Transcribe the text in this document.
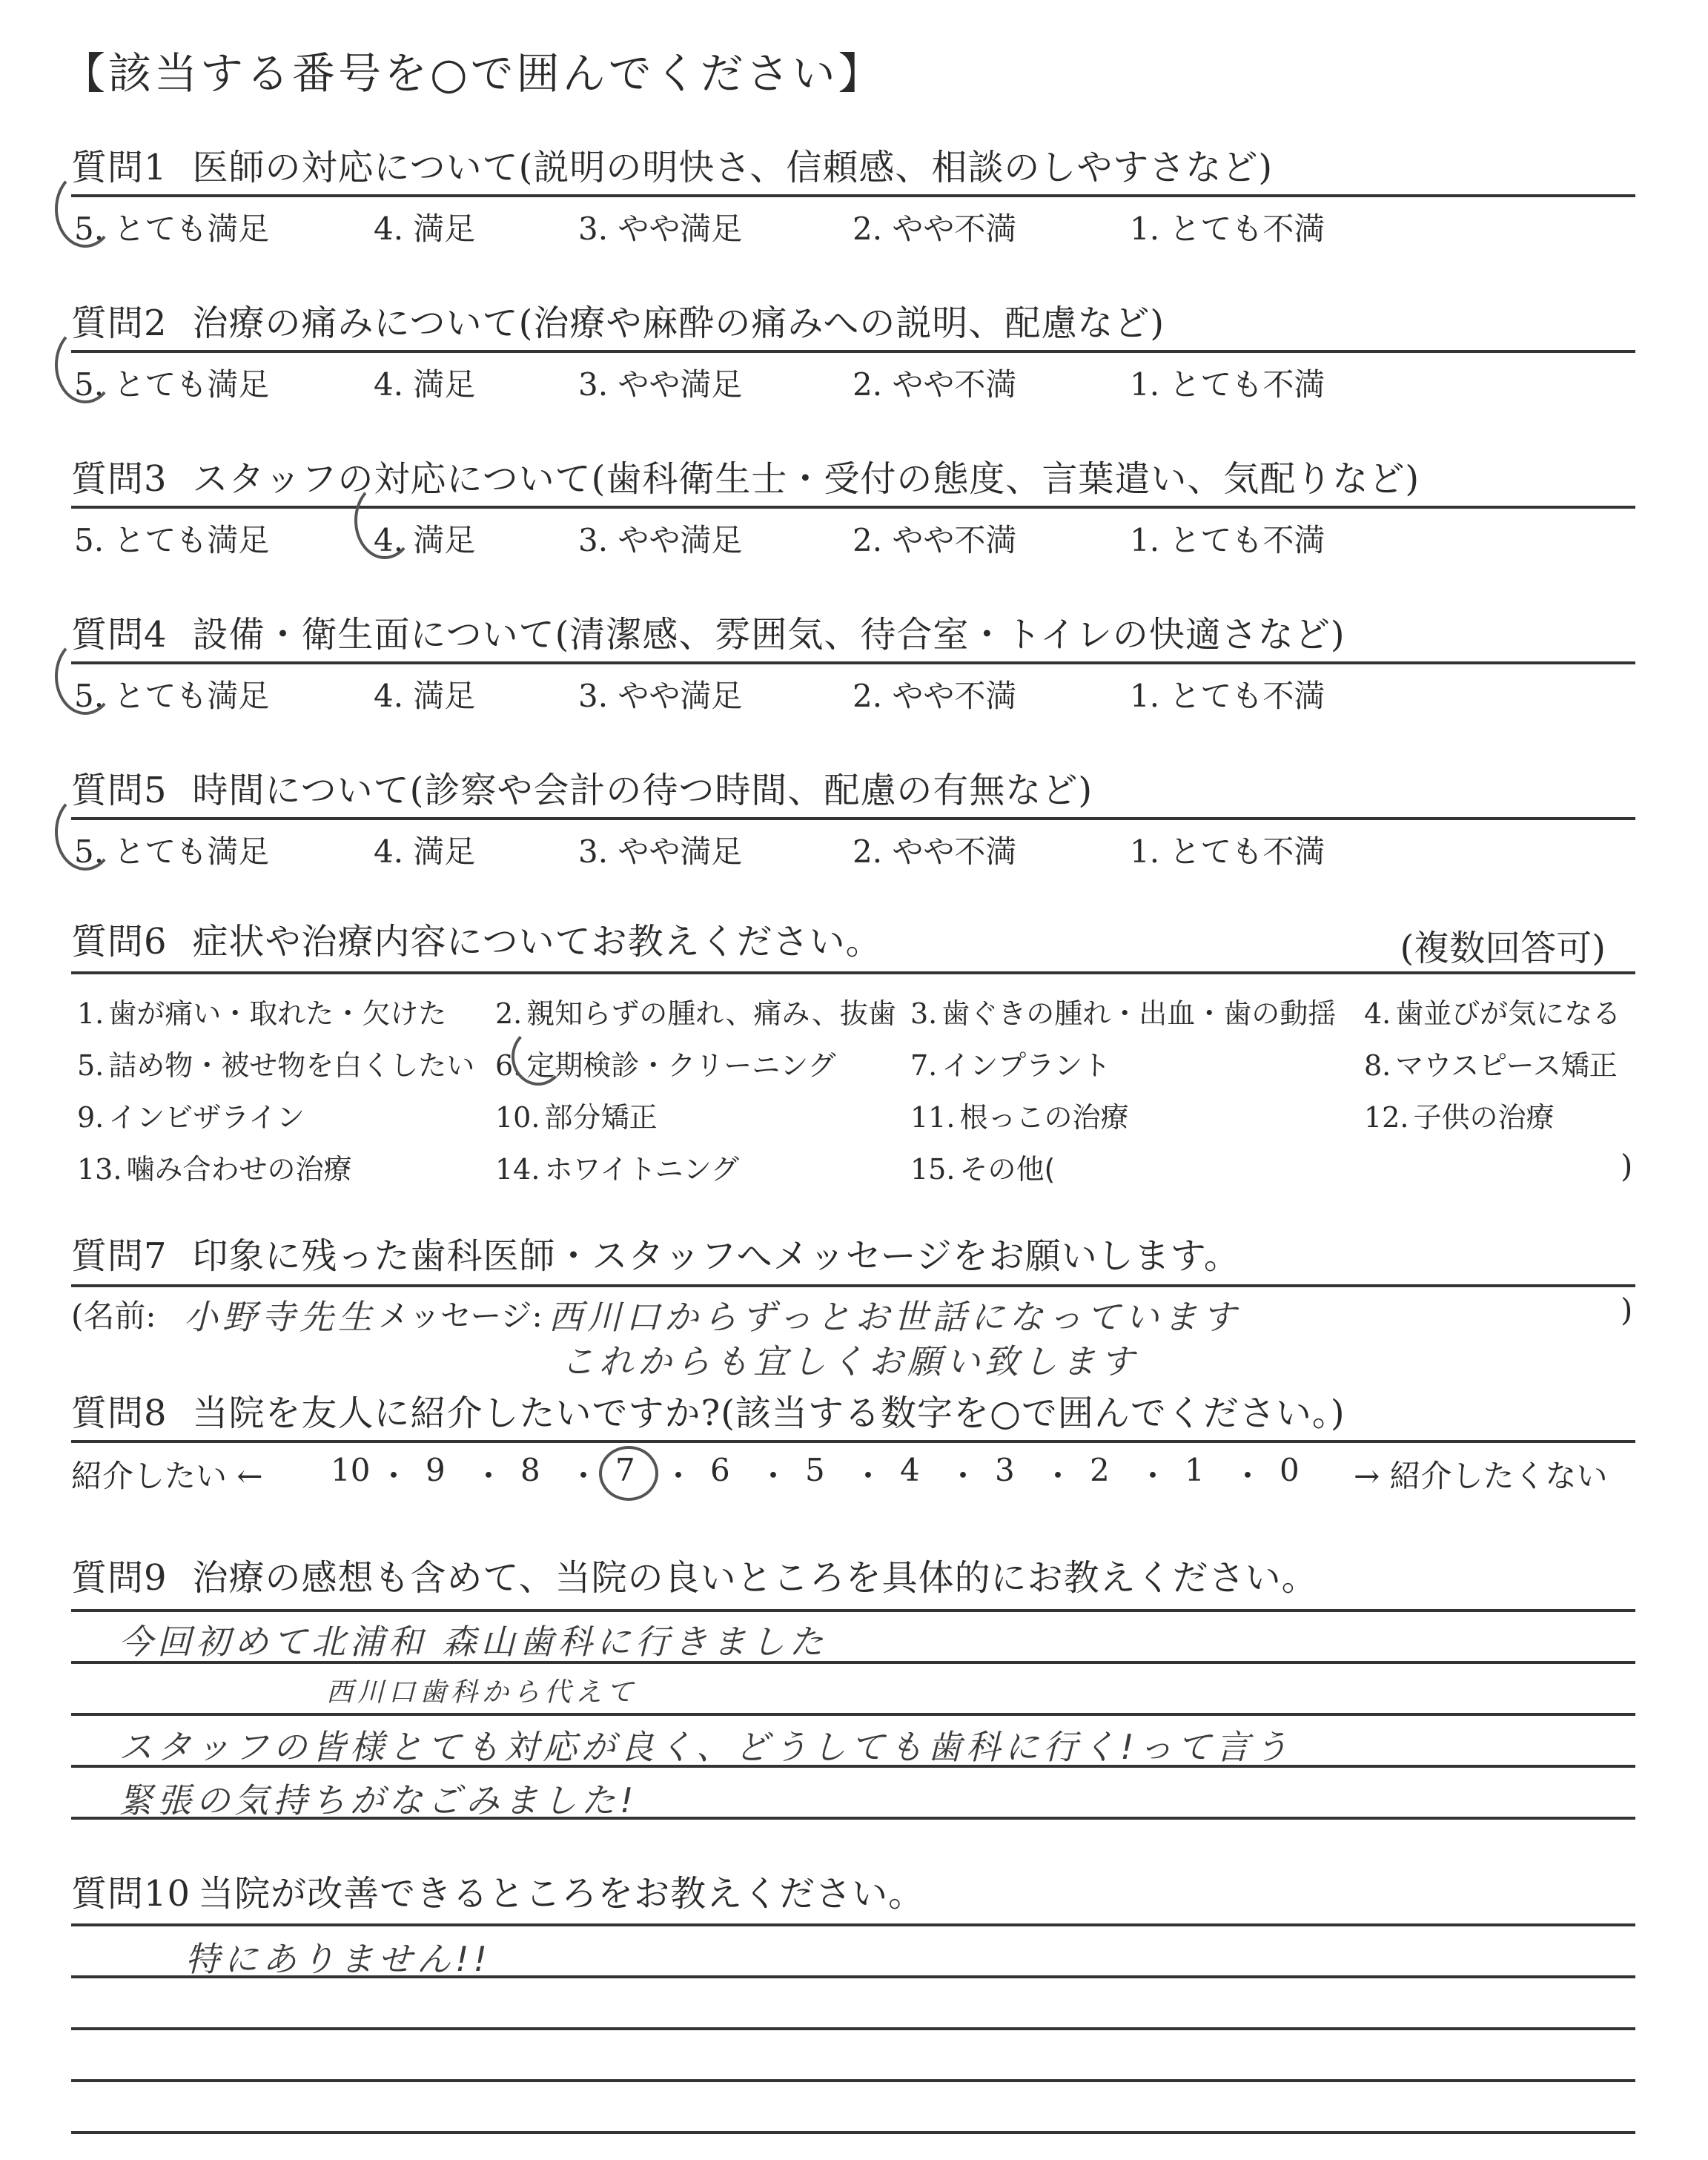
【該当する番号を○で囲んでください】
質問1 医師の対応について(説明の明快さ、信頼感、相談のしやすさなど)
5. とても満足	4. 満足	3. やや満足	2. やや不満	1. とても不満
質問2 治療の痛みについて(治療や麻酔の痛みへの説明、配慮など)
5. とても満足	4. 満足	3. やや満足	2. やや不満	1. とても不満
質問3 スタッフの対応について(歯科衛生士・受付の態度、言葉遣い、気配りなど)
5. とても満足	4. 満足	3. やや満足	2. やや不満	1. とても不満
質問4 設備・衛生面について(清潔感、雰囲気、待合室・トイレの快適さなど)
5. とても満足	4. 満足	3. やや満足	2. やや不満	1. とても不満
質問5 時間について(診察や会計の待つ時間、配慮の有無など)
5. とても満足	4. 満足	3. やや満足	2. やや不満	1. とても不満
質問6 症状や治療内容についてお教えください。	(複数回答可)
1. 歯が痛い・取れた・欠けた 2. 親知らずの腫れ、痛み、抜歯 3. 歯ぐきの腫れ・出血・歯の動揺 4. 歯並びが気になる
5. 詰め物・被せ物を白くしたい 6. 定期検診・クリーニング	7. インプラント	8. マウスピース矯正
9. インビザライン	10. 部分矯正	11. 根っこの治療	12. 子供の治療
13. 噛み合わせの治療	14. ホワイトニング	15. その他(	)
質問7 印象に残った歯科医師・スタッフへメッセージをお願いします。
(名前: 小野寺先生 メッセージ: 西川口からずっとお世話になっています
これからも宜しくお願い致します
)
質問8 当院を友人に紹介したいですか?(該当する数字を○で囲んでください。)
紹介したい ← 10 ・ 9 ・ 8 ・ 7 ・ 6 ・ 5 ・ 4 ・ 3 ・ 2 ・ 1 ・ 0 → 紹介したくない
質問9 治療の感想も含めて、当院の良いところを具体的にお教えください。
今回初めて北浦和 森山歯科に行きました
西川口歯科から代えて
スタッフの皆様とても対応が良く、どうしても歯科に行く!って言う
緊張の気持ちがなごみました!
質問10 当院が改善できるところをお教えください。
特にありません!!
